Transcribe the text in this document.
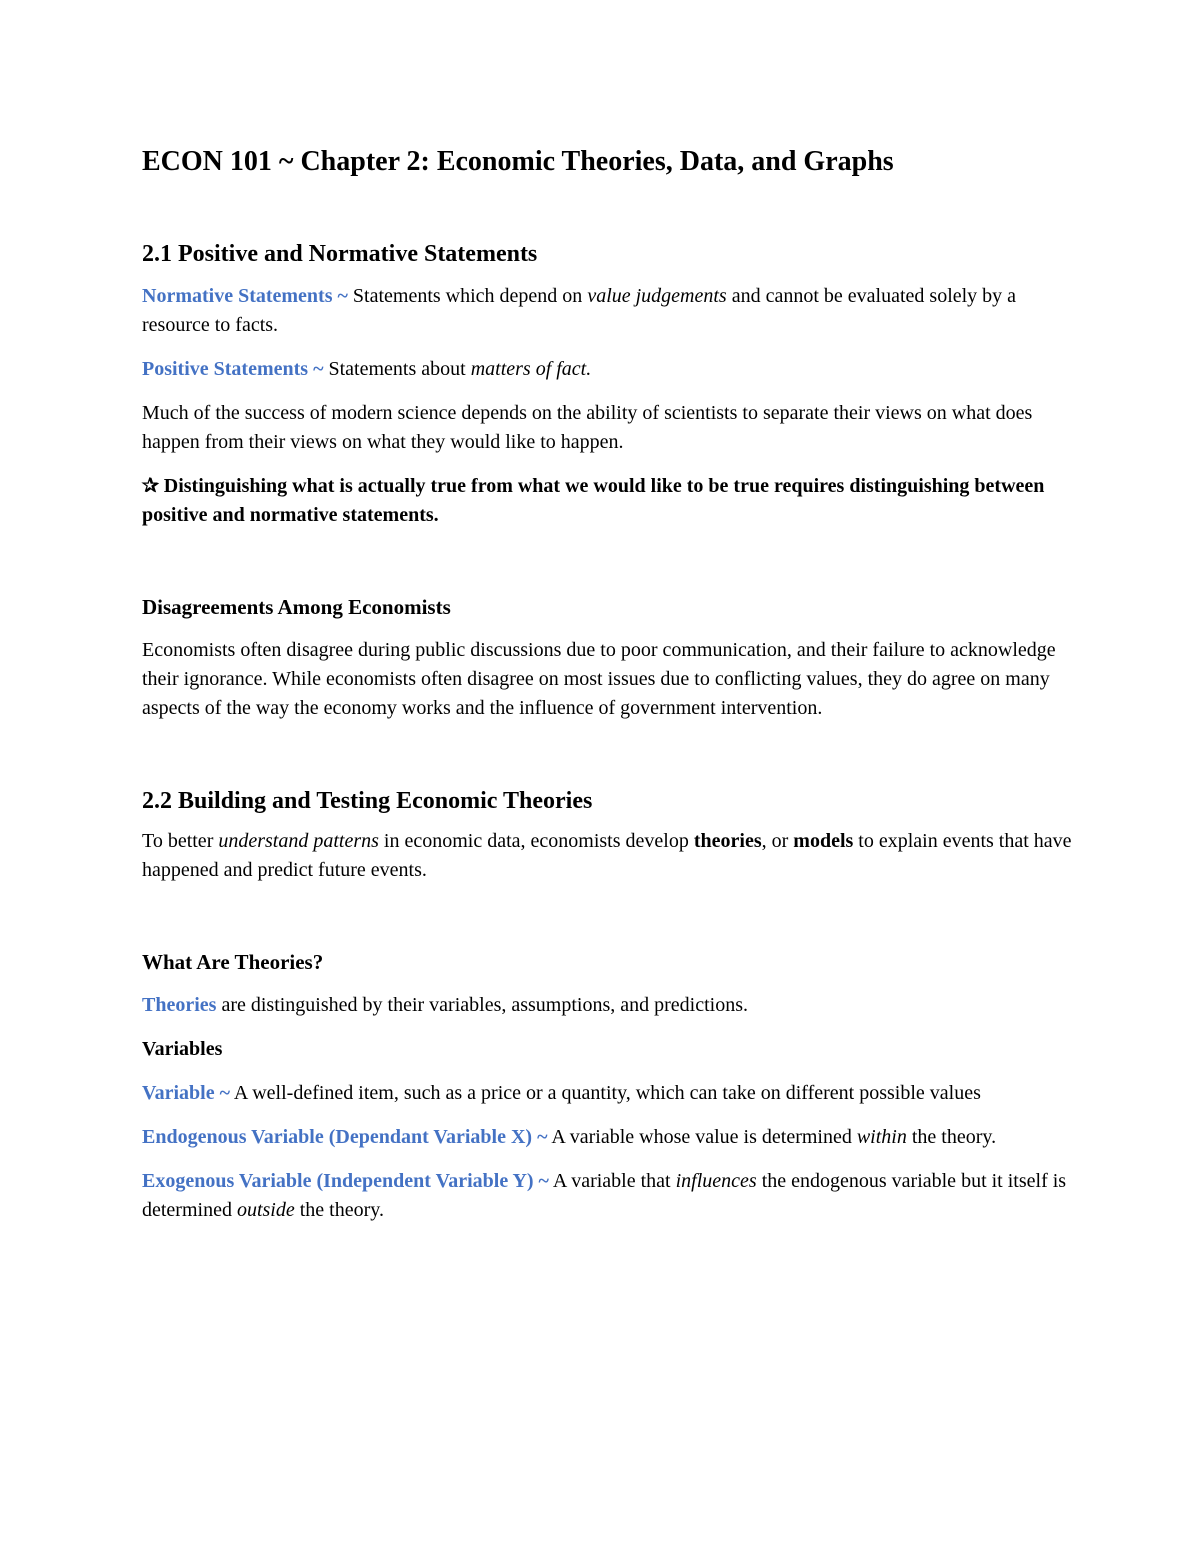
ECON 101 ~ Chapter 2: Economic Theories, Data, and Graphs
2.1 Positive and Normative Statements

Normative Statements ~ Statements which depend on value judgements and cannot be evaluated solely by a resource to facts.

Positive Statements ~ Statements about matters of fact.

Much of the success of modern science depends on the ability of scientists to separate their views on what does happen from their views on what they would like to happen.

✰ Distinguishing what is actually true from what we would like to be true requires distinguishing between positive and normative statements.

Disagreements Among Economists

Economists often disagree during public discussions due to poor communication, and their failure to acknowledge their ignorance. While economists often disagree on most issues due to conflicting values, they do agree on many aspects of the way the economy works and the influence of government intervention.

2.2 Building and Testing Economic Theories

To better understand patterns in economic data, economists develop theories, or models to explain events that have happened and predict future events.

What Are Theories?

Theories are distinguished by their variables, assumptions, and predictions.

Variables

Variable ~ A well-defined item, such as a price or a quantity, which can take on different possible values

Endogenous Variable (Dependant Variable X) ~ A variable whose value is determined within the theory.

Exogenous Variable (Independent Variable Y) ~ A variable that influences the endogenous variable but it itself is determined outside the theory.
